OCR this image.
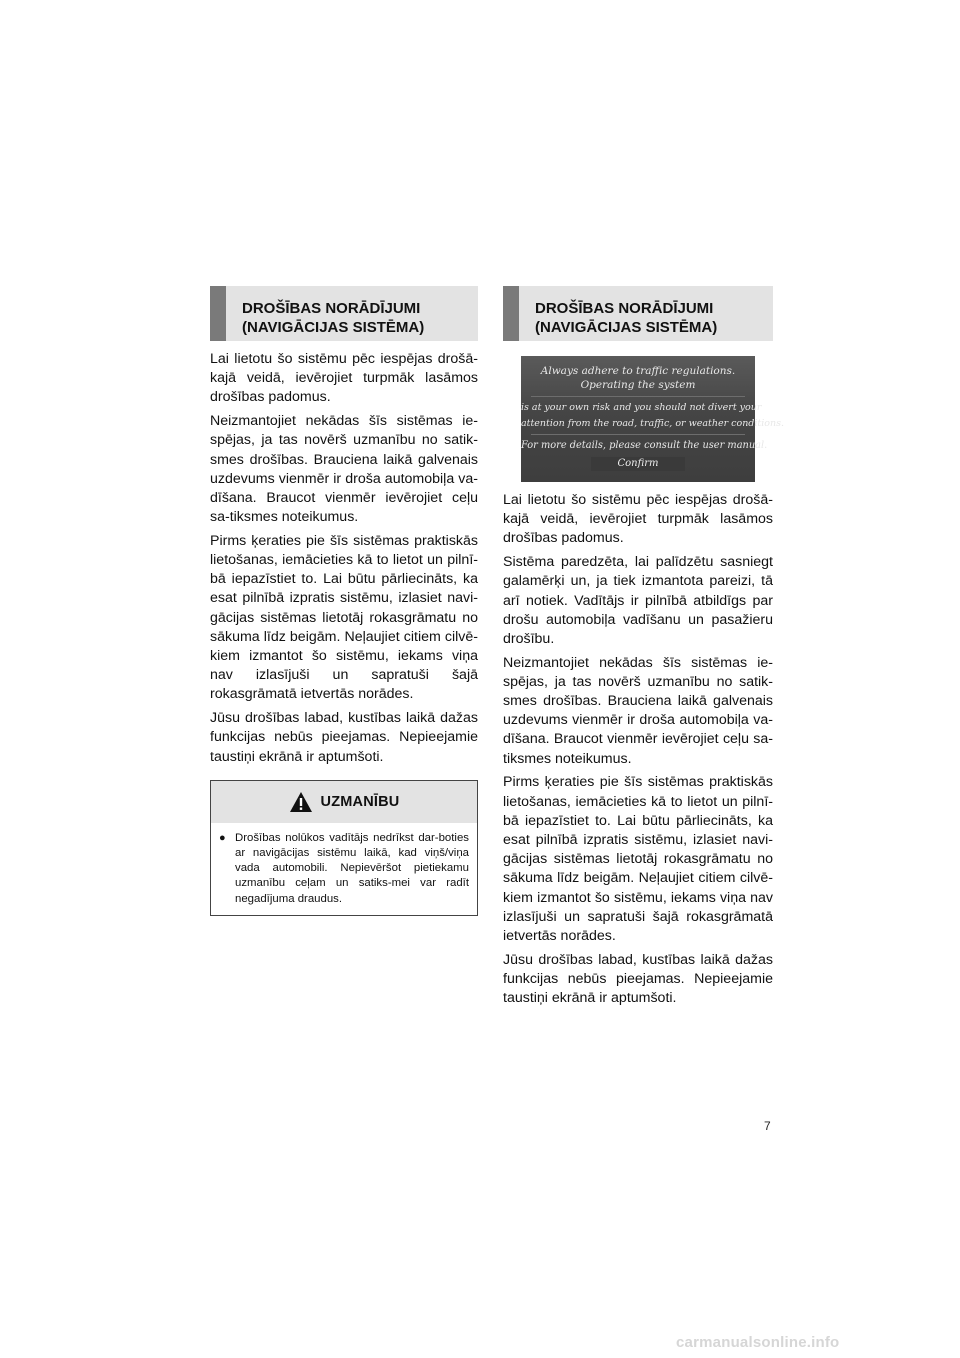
DROŠĪBAS NORĀDĪJUMI
(NAVIGĀCIJAS SISTĒMA)

Lai lietotu šo sistēmu pēc iespējas drošā-kajā veidā, ievērojiet turpmāk lasāmos drošības padomus.

Neizmantojiet nekādas šīs sistēmas ie-spējas, ja tas novērš uzmanību no satik-smes drošības. Brauciena laikā galvenais uzdevums vienmēr ir droša automobiļa va-dīšana. Braucot vienmēr ievērojiet ceļu sa-tiksmes noteikumus.

Pirms ķeraties pie šīs sistēmas praktiskās lietošanas, iemācieties kā to lietot un pilnī-bā iepazīstiet to. Lai būtu pārliecināts, ka esat pilnībā izpratis sistēmu, izlasiet navi-gācijas sistēmas lietotāj rokasgrāmatu no sākuma līdz beigām. Neļaujiet citiem cilvē-kiem izmantot šo sistēmu, iekams viņa nav izlasījuši un sapratuši šajā rokasgrāmatā ietvertās norādes.

Jūsu drošības labad, kustības laikā dažas funkcijas nebūs pieejamas. Nepieejamie taustiņi ekrānā ir aptumšoti.

UZMANĪBU
● Drošības nolūkos vadītājs nedrīkst dar-boties ar navigācijas sistēmu laikā, kad viņš/viņa vada automobili. Nepievēršot pietiekamu uzmanību ceļam un satiks-mei var radīt negadījuma draudus.

DROŠĪBAS NORĀDĪJUMI
(NAVIGĀCIJAS SISTĒMA)

Always adhere to traffic regulations.
Operating the system
is at your own risk and you should not divert your
attention from the road, traffic, or weather conditions.
For more details, please consult the user manual.
Confirm

Lai lietotu šo sistēmu pēc iespējas drošā-kajā veidā, ievērojiet turpmāk lasāmos drošības padomus.

Sistēma paredzēta, lai palīdzētu sasniegt galamērķi un, ja tiek izmantota pareizi, tā arī notiek. Vadītājs ir pilnībā atbildīgs par drošu automobiļa vadīšanu un pasažieru drošību.

Neizmantojiet nekādas šīs sistēmas ie-spējas, ja tas novērš uzmanību no satik-smes drošības. Brauciena laikā galvenais uzdevums vienmēr ir droša automobiļa va-dīšana. Braucot vienmēr ievērojiet ceļu sa-tiksmes noteikumus.

Pirms ķeraties pie šīs sistēmas praktiskās lietošanas, iemācieties kā to lietot un pilnī-bā iepazīstiet to. Lai būtu pārliecināts, ka esat pilnībā izpratis sistēmu, izlasiet navi-gācijas sistēmas lietotāj rokasgrāmatu no sākuma līdz beigām. Neļaujiet citiem cilvē-kiem izmantot šo sistēmu, iekams viņa nav izlasījuši un sapratuši šajā rokasgrāmatā ietvertās norādes.

Jūsu drošības labad, kustības laikā dažas funkcijas nebūs pieejamas. Nepieejamie taustiņi ekrānā ir aptumšoti.

7
carmanualsonline.info
